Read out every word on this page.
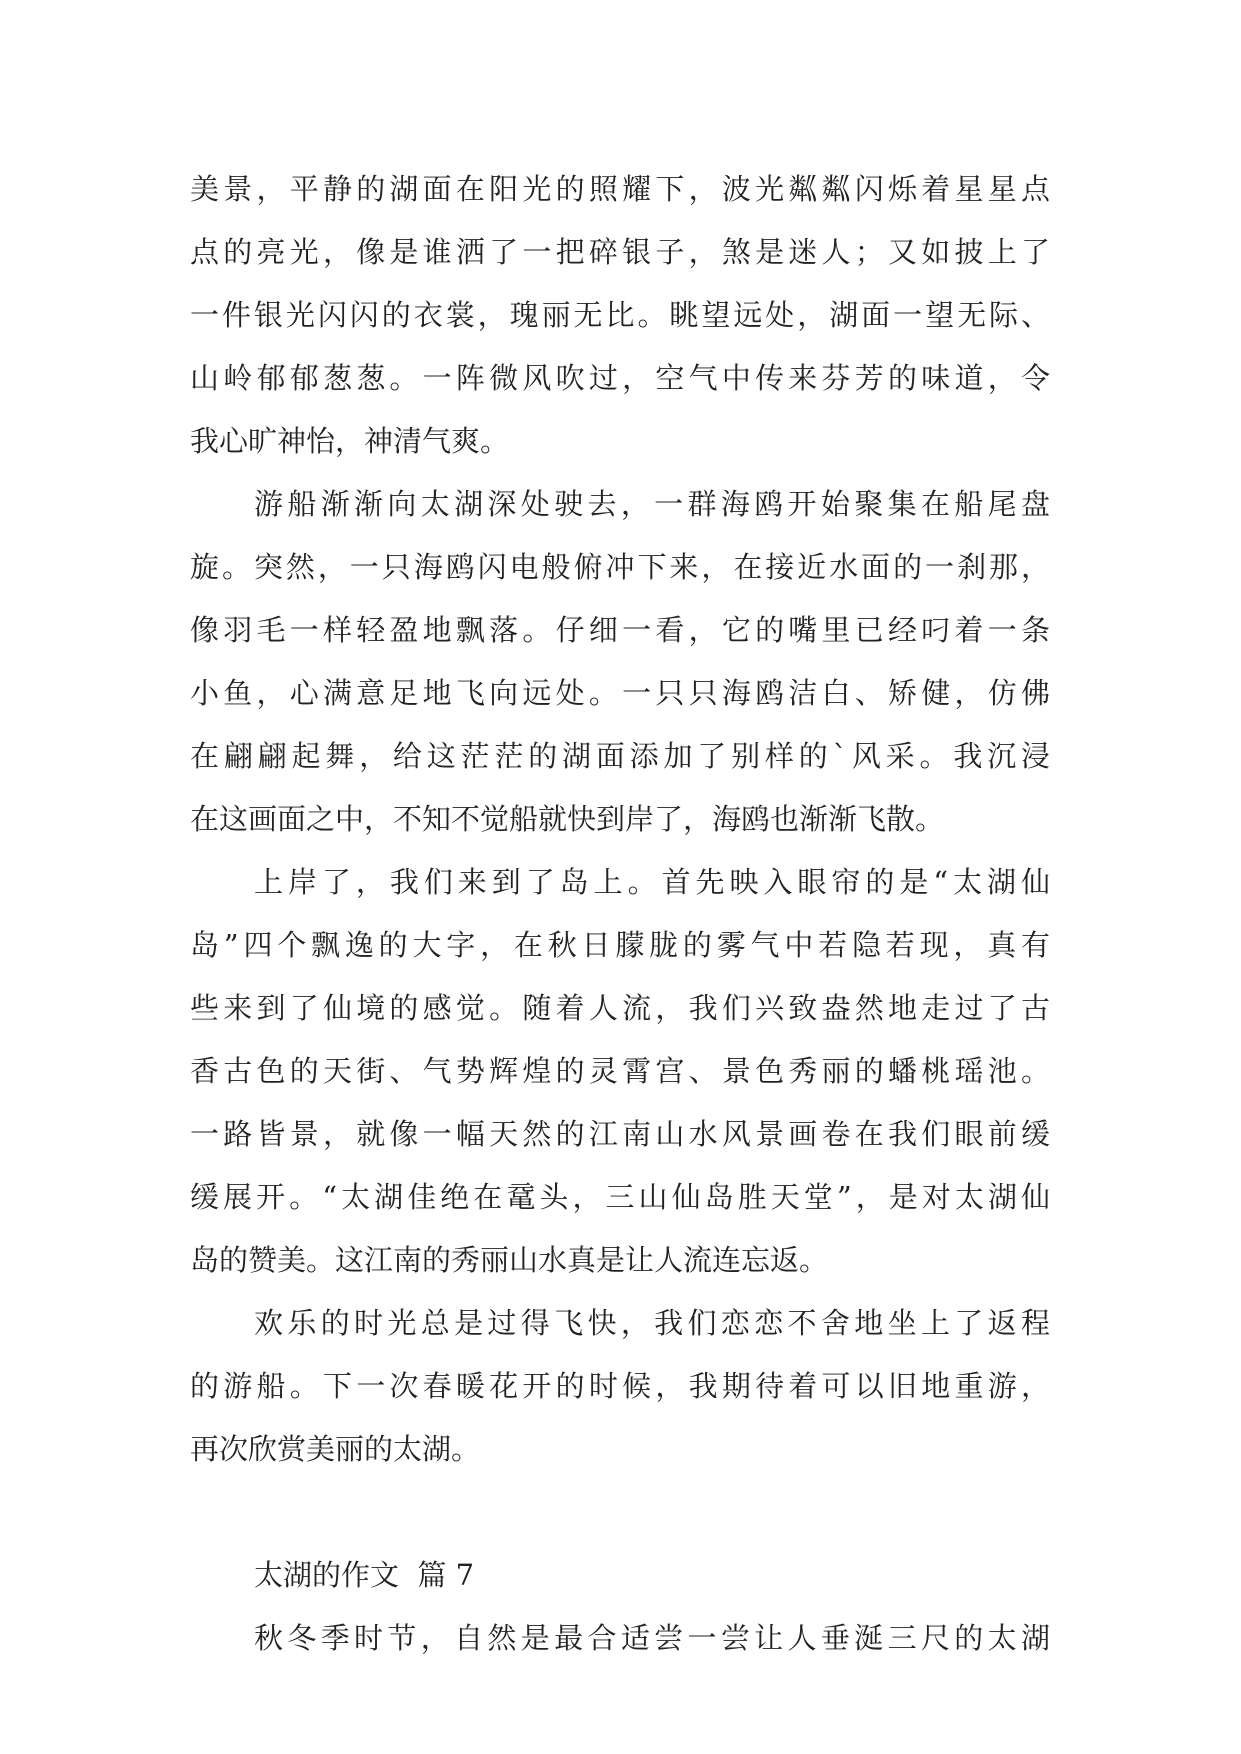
美景，平静的湖面在阳光的照耀下，波光粼粼闪烁着星星点
点的亮光，像是谁洒了一把碎银子，煞是迷人；又如披上了
一件银光闪闪的衣裳，瑰丽无比。眺望远处，湖面一望无际、
山岭郁郁葱葱。一阵微风吹过，空气中传来芬芳的味道，令
我心旷神怡，神清气爽。
游船渐渐向太湖深处驶去，一群海鸥开始聚集在船尾盘
旋。突然，一只海鸥闪电般俯冲下来，在接近水面的一刹那，
像羽毛一样轻盈地飘落。仔细一看，它的嘴里已经叼着一条
小鱼，心满意足地飞向远处。一只只海鸥洁白、矫健，仿佛
在翩翩起舞，给这茫茫的湖面添加了别样的`风采。我沉浸
在这画面之中，不知不觉船就快到岸了，海鸥也渐渐飞散。
上岸了，我们来到了岛上。首先映入眼帘的是“太湖仙
岛”四个飘逸的大字，在秋日朦胧的雾气中若隐若现，真有
些来到了仙境的感觉。随着人流，我们兴致盎然地走过了古
香古色的天街、气势辉煌的灵霄宫、景色秀丽的蟠桃瑶池。
一路皆景，就像一幅天然的江南山水风景画卷在我们眼前缓
缓展开。“太湖佳绝在鼋头，三山仙岛胜天堂”，是对太湖仙
岛的赞美。这江南的秀丽山水真是让人流连忘返。
欢乐的时光总是过得飞快，我们恋恋不舍地坐上了返程
的游船。下一次春暖花开的时候，我期待着可以旧地重游，
再次欣赏美丽的太湖。
太湖的作文  篇 7
秋冬季时节，自然是最合适尝一尝让人垂涎三尺的太湖
